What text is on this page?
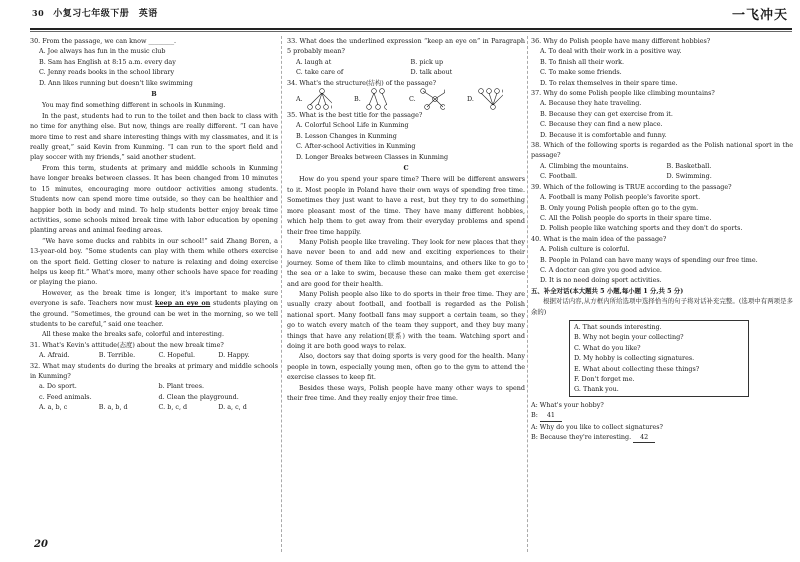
30 小复习七年级下册　英语	一飞冲天

30. From the passage, we can know ________.

A. Joe always has fun in the music club

B. Sam has English at 8:15 a.m. every day

C. Jenny reads books in the school library

D. Ann likes running but doesn't like swimming

B

You may find something different in schools in Kunming.

In the past, students had to run to the toilet and then back to class with no time for anything else. But now, things are really different. “I can have more time to rest and share interesting things with my classmates, and it is really great,” said Kevin from Kunming. “I can run to the sport field and play soccer with my friends,” said another student.

From this term, students at primary and middle schools in Kunming have longer breaks between classes. It has been changed from 10 minutes to 15 minutes, encouraging more outdoor activities among students. Students now can spend more time outside, so they can be healthier and happier both in body and mind. To help students better enjoy break time activities, some schools mixed break time with labor education by opening planting areas and animal feeding areas.

“We have some ducks and rabbits in our school!” said Zhang Boren, a 13-year-old boy. “Some students can play with them while others exercise on the sport field. Getting closer to nature is relaxing and doing exercise helps us keep fit.” What's more, many other schools have space for reading or playing the piano.

However, as the break time is longer, it's important to make sure everyone is safe. Teachers now must keep an eye on students playing on the ground. “Sometimes, the ground can be wet in the morning, so we tell students to be careful,” said one teacher.

All these make the breaks safe, colorful and interesting.

31. What's Kevin's attitude(态度) about the new break time?

A. Afraid.	B. Terrible.	C. Hopeful.	D. Happy.

32. What may students do during the breaks at primary and middle schools in Kunming?

a. Do sport.	b. Plant trees.
c. Feed animals.	d. Clean the playground.
A. a, b, c	B. a, b, d	C. b, c, d	D. a, c, d

33. What does the underlined expression “keep an eye on” in Paragraph 5 probably mean?

A. laugh at	B. pick up
C. take care of	D. talk about

34. What's the structure(结构) of the passage?

A.	B.	C.	D.

35. What is the best title for the passage?

A. Colorful School Life in Kunming

B. Lesson Changes in Kunming

C. After-school Activities in Kunming

D. Longer Breaks between Classes in Kunming

C

How do you spend your spare time? There will be different answers to it. Most people in Poland have their own ways of spending free time. Sometimes they just want to have a rest, but they try to do something more pleasant most of the time. They have many different hobbies, which help them to get away from their everyday problems and spend their free time happily.

Many Polish people like traveling. They look for new places that they have never been to and add new and exciting experiences to their journey. Some of them like to climb mountains, and others like to go to the sea or a lake to swim, because these can make them get exercise and are good for their health.

Many Polish people also like to do sports in their free time. They are usually crazy about football, and football is regarded as the Polish national sport. Many football fans may support a certain team, so they go to watch every match of the team they support, and they buy many things that have any relation(联系) with the team. Watching sport and doing it are both good ways to relax.

Also, doctors say that doing sports is very good for the health. Many people in town, especially young men, often go to the gym to attend the exercise classes to keep fit.

Besides these ways, Polish people have many other ways to spend their free time. And they really enjoy their free time.

36. Why do Polish people have many different hobbies?

A. To deal with their work in a positive way.

B. To finish all their work.

C. To make some friends.

D. To relax themselves in their spare time.

37. Why do some Polish people like climbing mountains?

A. Because they hate traveling.

B. Because they can get exercise from it.

C. Because they can find a new place.

D. Because it is comfortable and funny.

38. Which of the following sports is regarded as the Polish national sport in the passage?

A. Climbing the mountains.	B. Basketball.
C. Football.	D. Swimming.

39. Which of the following is TRUE according to the passage?

A. Football is many Polish people's favorite sport.

B. Only young Polish people often go to the gym.

C. All the Polish people do sports in their spare time.

D. Polish people like watching sports and they don't do sports.

40. What is the main idea of the passage?

A. Polish culture is colorful.

B. People in Poland can have many ways of spending our free time.

C. A doctor can give you good advice.

D. It is no need doing sport activities.

五、补全对话(本大题共 5 小题,每小题 1 分,共 5 分)

根据对话内容,从方框内所给选项中选择恰当的句子将对话补充完整。(选项中有两项是多余的)

A. That sounds interesting.

B. Why not begin your collecting?

C. What do you like?

D. My hobby is collecting signatures.

E. What about collecting these things?

F. Don't forget me.

G. Thank you.

A: What's your hobby?

B: 41

A: Why do you like to collect signatures?

B: Because they're interesting. 42

20
